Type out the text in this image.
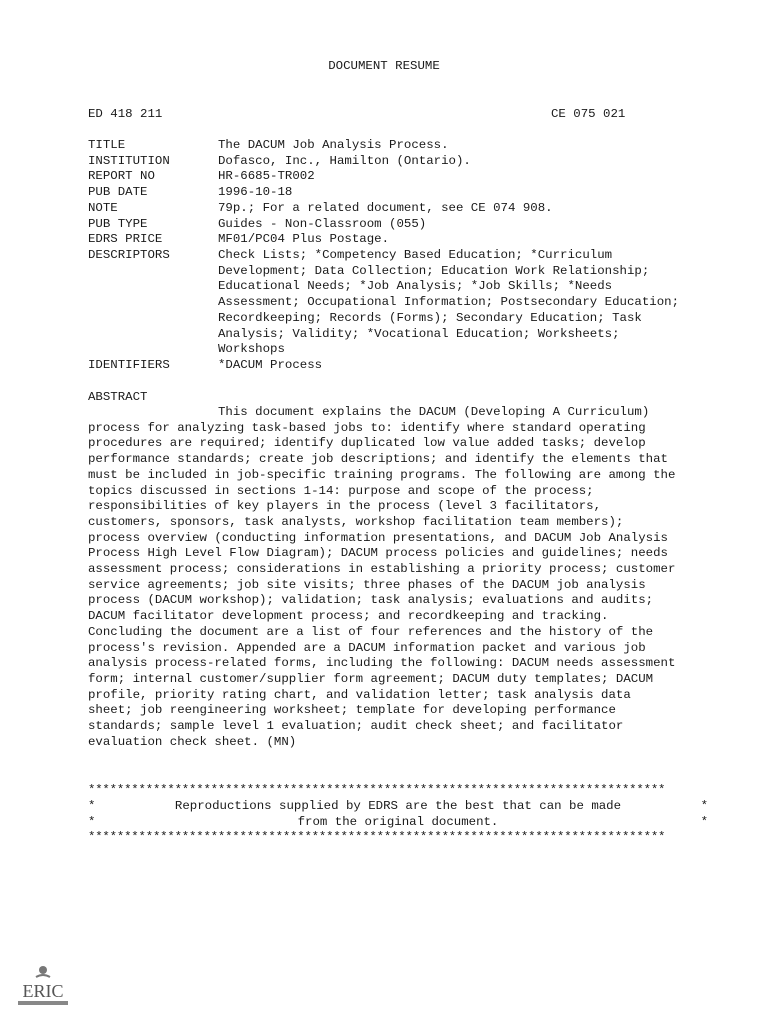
DOCUMENT RESUME
ED 418 211	CE 075 021
TITLE	The DACUM Job Analysis Process.
INSTITUTION	Dofasco, Inc., Hamilton (Ontario).
REPORT NO	HR-6685-TR002
PUB DATE	1996-10-18
NOTE	79p.; For a related document, see CE 074 908.
PUB TYPE	Guides - Non-Classroom (055)
EDRS PRICE	MF01/PC04 Plus Postage.
DESCRIPTORS	Check Lists; *Competency Based Education; *Curriculum Development; Data Collection; Education Work Relationship; Educational Needs; *Job Analysis; *Job Skills; *Needs Assessment; Occupational Information; Postsecondary Education; Recordkeeping; Records (Forms); Secondary Education; Task Analysis; Validity; *Vocational Education; Worksheets; Workshops
IDENTIFIERS	*DACUM Process
ABSTRACT
This document explains the DACUM (Developing A Curriculum) process for analyzing task-based jobs to: identify where standard operating procedures are required; identify duplicated low value added tasks; develop performance standards; create job descriptions; and identify the elements that must be included in job-specific training programs. The following are among the topics discussed in sections 1-14: purpose and scope of the process; responsibilities of key players in the process (level 3 facilitators, customers, sponsors, task analysts, workshop facilitation team members); process overview (conducting information presentations, and DACUM Job Analysis Process High Level Flow Diagram); DACUM process policies and guidelines; needs assessment process; considerations in establishing a priority process; customer service agreements; job site visits; three phases of the DACUM job analysis process (DACUM workshop); validation; task analysis; evaluations and audits; DACUM facilitator development process; and recordkeeping and tracking. Concluding the document are a list of four references and the history of the process's revision. Appended are a DACUM information packet and various job analysis process-related forms, including the following: DACUM needs assessment form; internal customer/supplier form agreement; DACUM duty templates; DACUM profile, priority rating chart, and validation letter; task analysis data sheet; job reengineering worksheet; template for developing performance standards; sample level 1 evaluation; audit check sheet; and facilitator evaluation check sheet. (MN)
********************************************************************************
*	Reproductions supplied by EDRS are the best that can be made	*
*	from the original document.	*
********************************************************************************
ERIC
